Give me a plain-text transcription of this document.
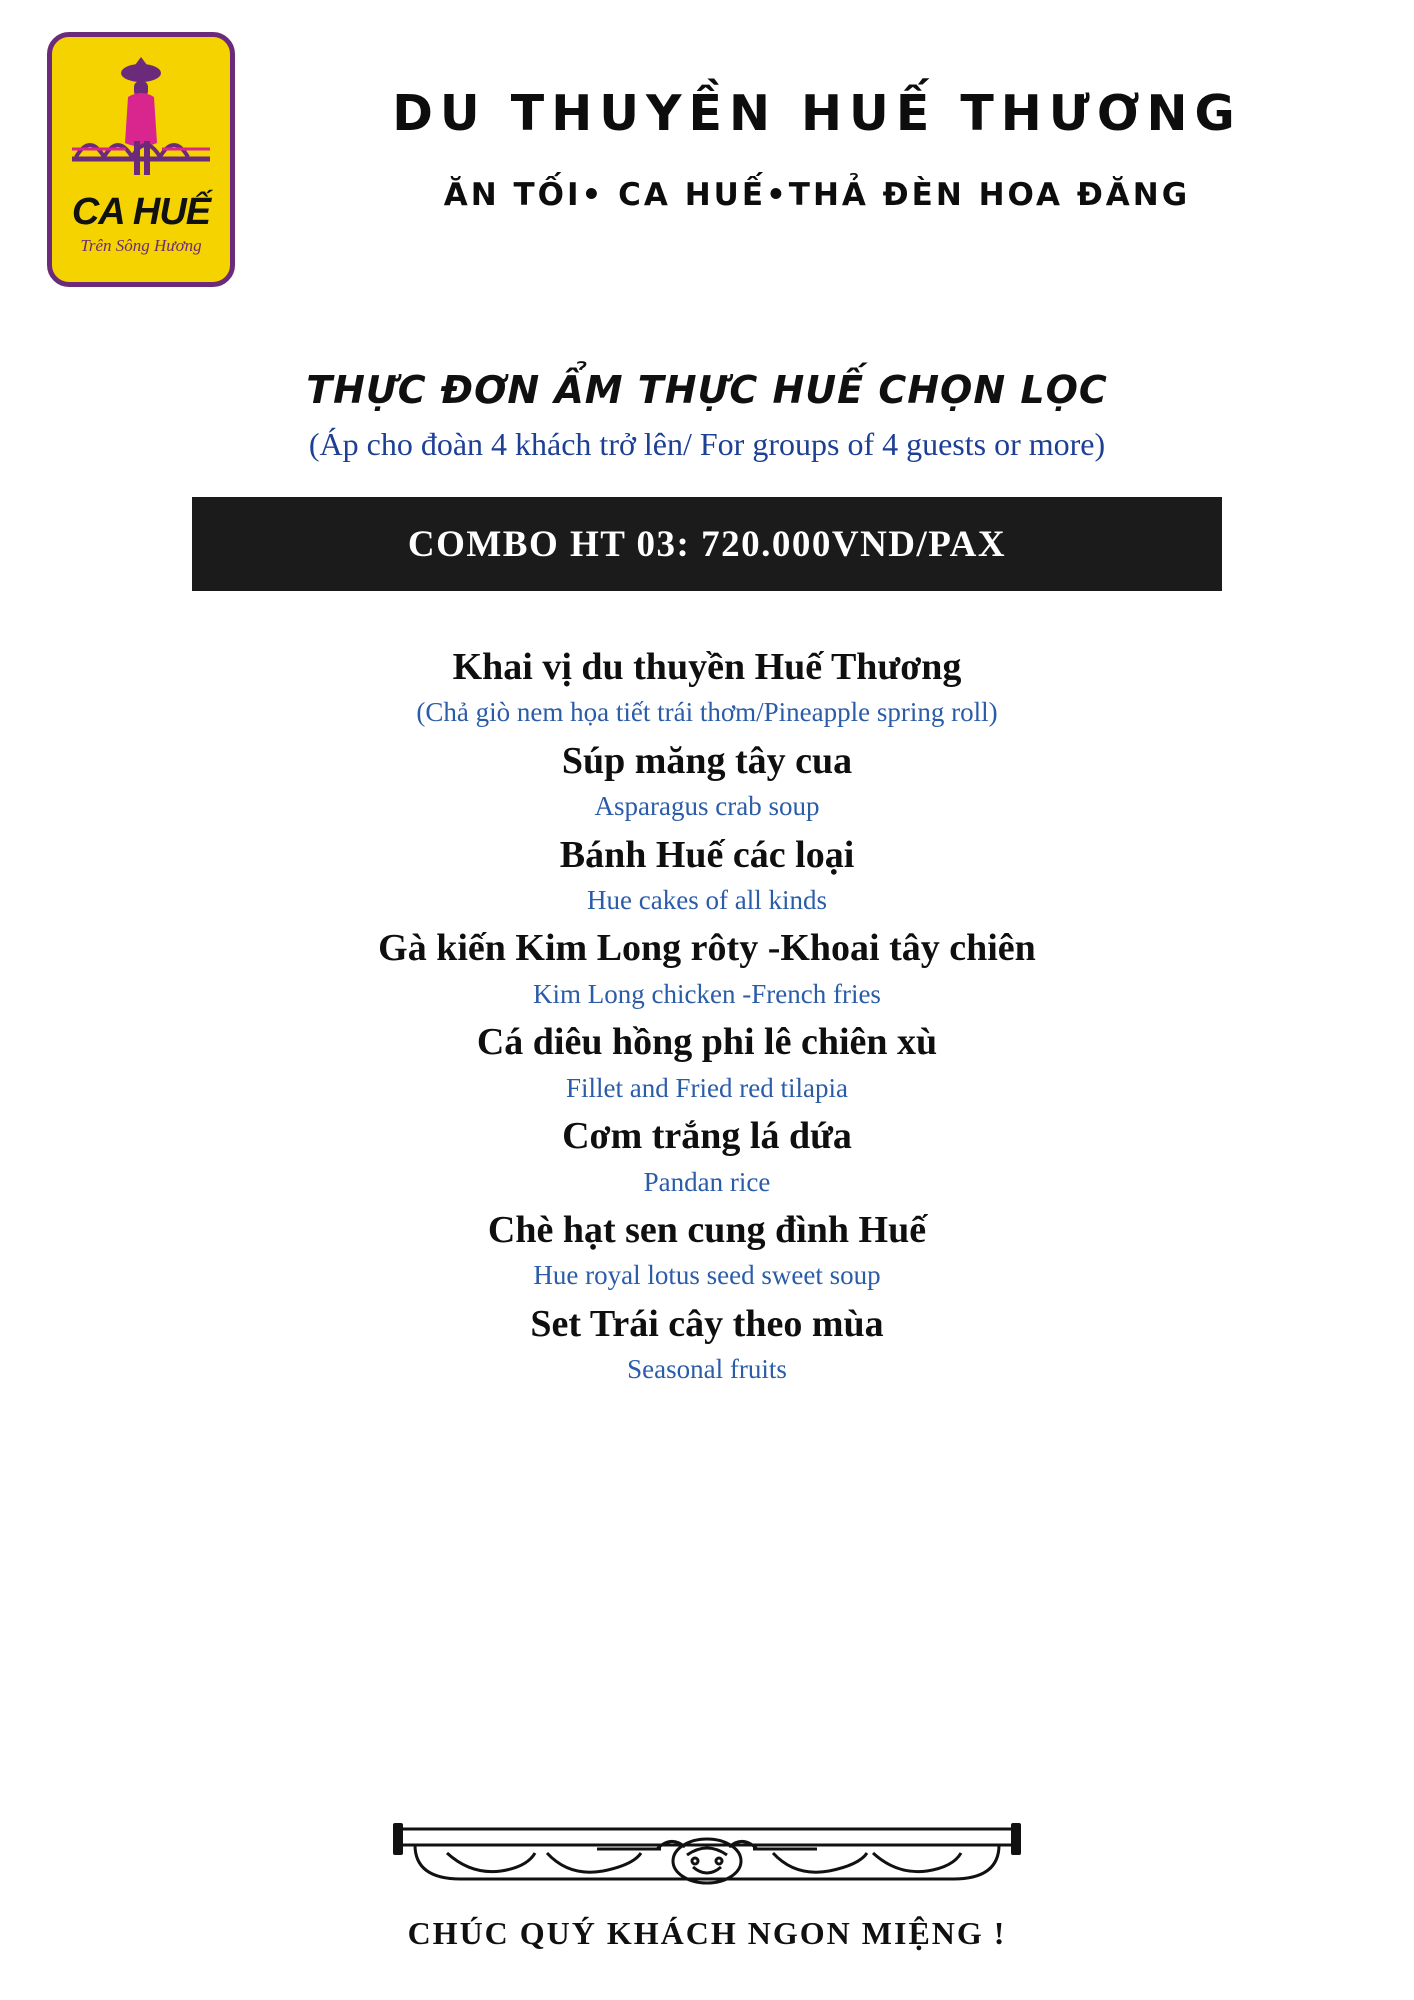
CA HUẾ
Trên Sông Hương
DU THUYỀN HUẾ THƯƠNG
ĂN TỐI• CA HUẾ•THẢ ĐÈN HOA ĐĂNG
THỰC ĐƠN ẨM THỰC HUẾ CHỌN LỌC
(Áp cho đoàn 4 khách trở lên/ For groups of 4 guests or more)
COMBO HT 03: 720.000VND/PAX
Khai vị du thuyền Huế Thương
(Chả giò nem họa tiết trái thơm/Pineapple spring roll)
Súp măng tây cua
Asparagus crab soup
Bánh Huế các loại
Hue cakes of all kinds
Gà kiến Kim Long rôty -Khoai tây chiên
Kim Long chicken -French fries
Cá diêu hồng phi lê chiên xù
Fillet and Fried red tilapia
Cơm trắng lá dứa
Pandan rice
Chè hạt sen cung đình Huế
Hue royal lotus seed sweet soup
Set Trái cây theo mùa
Seasonal fruits
CHÚC QUÝ KHÁCH NGON MIỆNG !
